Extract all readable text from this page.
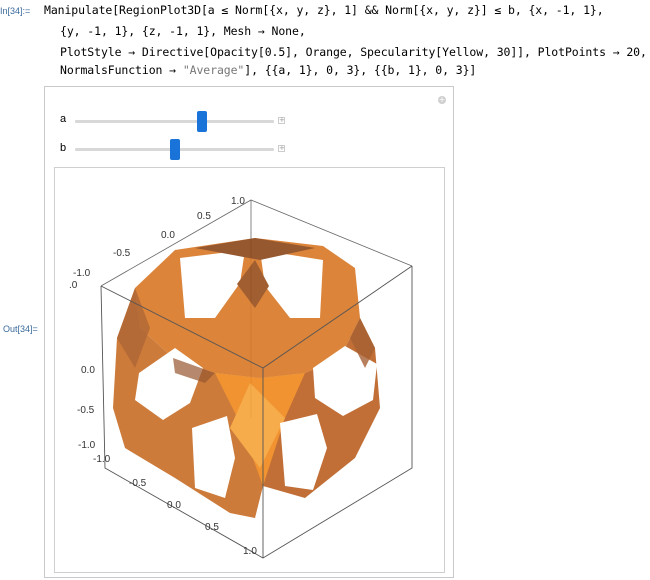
In[34]:= Manipulate[RegionPlot3D[a ≤ Norm[{x, y, z}, 1] && Norm[{x, y, z}] ≤ b, {x, -1, 1},
{y, -1, 1}, {z, -1, 1}, Mesh → None,
PlotStyle → Directive[Opacity[0.5], Orange, Specularity[Yellow, 30]], PlotPoints → 20,
NormalsFunction → "Average"], {{a, 1}, 0, 3}, {{b, 1}, 0, 3}]
Out[34]=
+
a	+
b	+
1.0
0.5
0.0
-0.5
-1.0
.0
0.0
-0.5
-1.0
-1.0
-0.5
0.0
0.5
1.0
